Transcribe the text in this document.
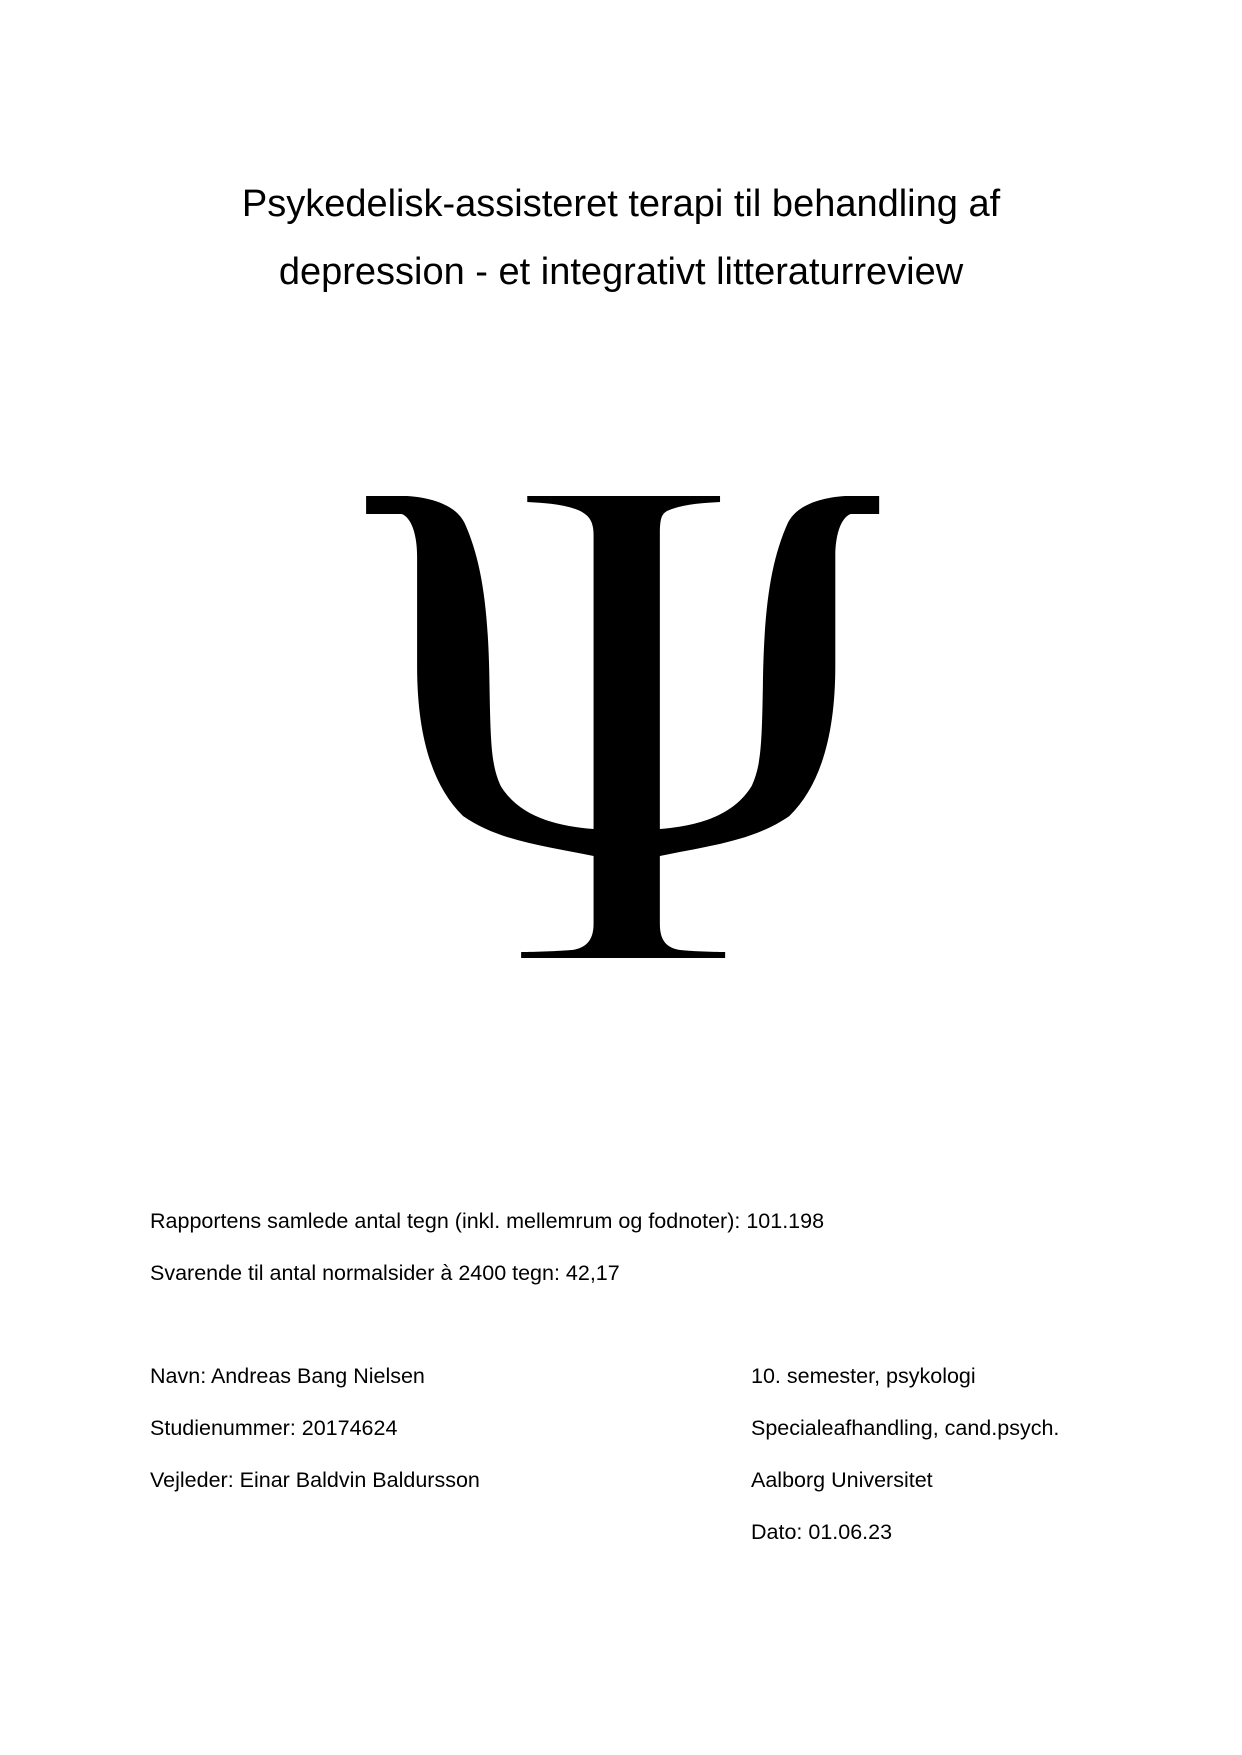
Psykedelisk-assisteret terapi til behandling af
depression - et integrativt litteraturreview
Rapportens samlede antal tegn (inkl. mellemrum og fodnoter): 101.198
Svarende til antal normalsider à 2400 tegn: 42,17
Navn: Andreas Bang Nielsen
Studienummer: 20174624
Vejleder: Einar Baldvin Baldursson
10. semester, psykologi
Specialeafhandling, cand.psych.
Aalborg Universitet
Dato: 01.06.23
